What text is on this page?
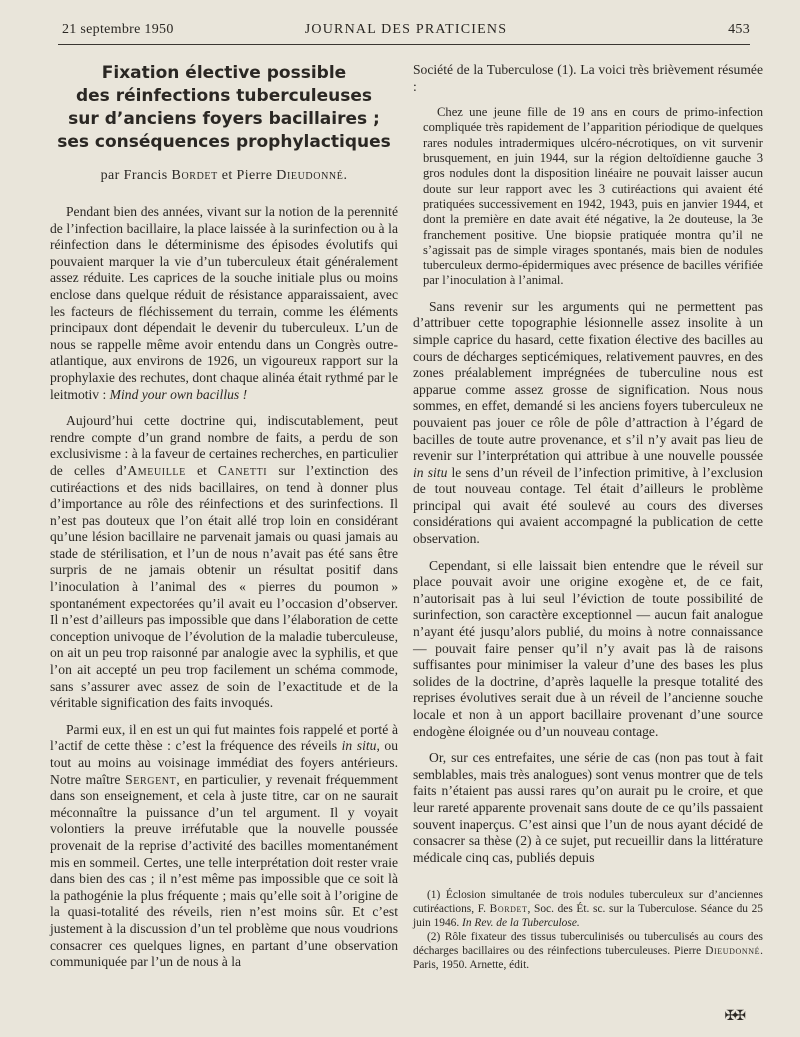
21 septembre 1950	JOURNAL DES PRATICIENS	453
Fixation élective possible
des réinfections tuberculeuses
sur d’anciens foyers bacillaires ;
ses conséquences prophylactiques
par Francis Bordet et Pierre Dieudonné.

Pendant bien des années, vivant sur la notion de la perennité de l’infection bacillaire, la place laissée à la surinfection ou à la réinfection dans le déterminisme des épisodes évolutifs qui pouvaient marquer la vie d’un tuberculeux était généralement assez réduite. Les caprices de la souche initiale plus ou moins enclose dans quelque réduit de résistance apparaissaient, avec les facteurs de fléchissement du terrain, comme les éléments principaux dont dépendait le devenir du tuberculeux. L’un de nous se rappelle même avoir entendu dans un Congrès outre-atlantique, aux environs de 1926, un vigoureux rapport sur la prophylaxie des rechutes, dont chaque alinéa était rythmé par le leitmotiv : Mind your own bacillus !

Aujourd’hui cette doctrine qui, indiscutablement, peut rendre compte d’un grand nombre de faits, a perdu de son exclusivisme : à la faveur de certaines recherches, en particulier de celles d’Ameuille et Canetti sur l’extinction des cutiréactions et des nids bacillaires, on tend à donner plus d’importance au rôle des réinfections et des surinfections. Il n’est pas douteux que l’on était allé trop loin en considérant qu’une lésion bacillaire ne parvenait jamais ou quasi jamais au stade de stérilisation, et l’un de nous n’avait pas été sans être surpris de ne jamais obtenir un résultat positif dans l’inoculation à l’animal des « pierres du poumon » spontanément expectorées qu’il avait eu l’occasion d’observer. Il n’est d’ailleurs pas impossible que dans l’élaboration de cette conception univoque de l’évolution de la maladie tuberculeuse, on ait un peu trop raisonné par analogie avec la syphilis, et que l’on ait accepté un peu trop facilement un schéma commode, sans s’assurer avec assez de soin de l’exactitude et de la véritable signification des faits invoqués.

Parmi eux, il en est un qui fut maintes fois rappelé et porté à l’actif de cette thèse : c’est la fréquence des réveils in situ, ou tout au moins au voisinage immédiat des foyers antérieurs. Notre maître Sergent, en particulier, y revenait fréquemment dans son enseignement, et cela à juste titre, car on ne saurait méconnaître la puissance d’un tel argument. Il y voyait volontiers la preuve irréfutable que la nouvelle poussée provenait de la reprise d’activité des bacilles momentanément mis en sommeil. Certes, une telle interprétation doit rester vraie dans bien des cas ; il n’est même pas impossible que ce soit là la pathogénie la plus fréquente ; mais qu’elle soit à l’origine de la quasi-totalité des réveils, rien n’est moins sûr. Et c’est justement à la discussion d’un tel problème que nous voudrions consacrer ces quelques lignes, en partant d’une observation communiquée par l’un de nous à la

Société de la Tuberculose (1). La voici très brièvement résumée :

Chez une jeune fille de 19 ans en cours de primo-infection compliquée très rapidement de l’apparition périodique de quelques rares nodules intradermiques ulcéro-nécrotiques, on vit survenir brusquement, en juin 1944, sur la région deltoïdienne gauche 3 gros nodules dont la disposition linéaire ne pouvait laisser aucun doute sur leur rapport avec les 3 cutiréactions qui avaient été pratiquées successivement en 1942, 1943, puis en janvier 1944, et dont la première en date avait été négative, la 2e douteuse, la 3e franchement positive. Une biopsie pratiquée montra qu’il ne s’agissait pas de simple virages spontanés, mais bien de nodules tuberculeux dermo-épidermiques avec présence de bacilles vérifiée par l’inoculation à l’animal.

Sans revenir sur les arguments qui ne permettent pas d’attribuer cette topographie lésionnelle assez insolite à un simple caprice du hasard, cette fixation élective des bacilles au cours de décharges septicémiques, relativement pauvres, en des zones préalablement imprégnées de tuberculine nous est apparue comme assez grosse de signification. Nous nous sommes, en effet, demandé si les anciens foyers tuberculeux ne pouvaient pas jouer ce rôle de pôle d’attraction à l’égard de bacilles de toute autre provenance, et s’il n’y avait pas lieu de revenir sur l’interprétation qui attribue à une nouvelle poussée in situ le sens d’un réveil de l’infection primitive, à l’exclusion de tout nouveau contage. Tel était d’ailleurs le problème principal qui avait été soulevé au cours des diverses considérations qui avaient accompagné la publication de cette observation.

Cependant, si elle laissait bien entendre que le réveil sur place pouvait avoir une origine exogène et, de ce fait, n’autorisait pas à lui seul l’éviction de toute possibilité de surinfection, son caractère exceptionnel — aucun fait analogue n’ayant été jusqu’alors publié, du moins à notre connaissance — pouvait faire penser qu’il n’y avait pas là de raisons suffisantes pour minimiser la valeur d’une des bases les plus solides de la doctrine, d’après laquelle la presque totalité des reprises évolutives serait due à un réveil de l’ancienne souche locale et non à un apport bacillaire provenant d’une source endogène éloignée ou d’un nouveau contage.

Or, sur ces entrefaites, une série de cas (non pas tout à fait semblables, mais très analogues) sont venus montrer que de tels faits n’étaient pas aussi rares qu’on aurait pu le croire, et que leur rareté apparente provenait sans doute de ce qu’ils passaient souvent inaperçus. C’est ainsi que l’un de nous ayant décidé de consacrer sa thèse (2) à ce sujet, put recueillir dans la littérature médicale cinq cas, publiés depuis

(1) Éclosion simultanée de trois nodules tuberculeux sur d’anciennes cutiréactions, F. Bordet, Soc. des Ét. sc. sur la Tuberculose. Séance du 25 juin 1946. In Rev. de la Tuberculose.

(2) Rôle fixateur des tissus tuberculinisés ou tuberculisés au cours des décharges bacillaires ou des réinfections tuberculeuses. Pierre Dieudonné. Paris, 1950. Arnette, édit.

✠✠
